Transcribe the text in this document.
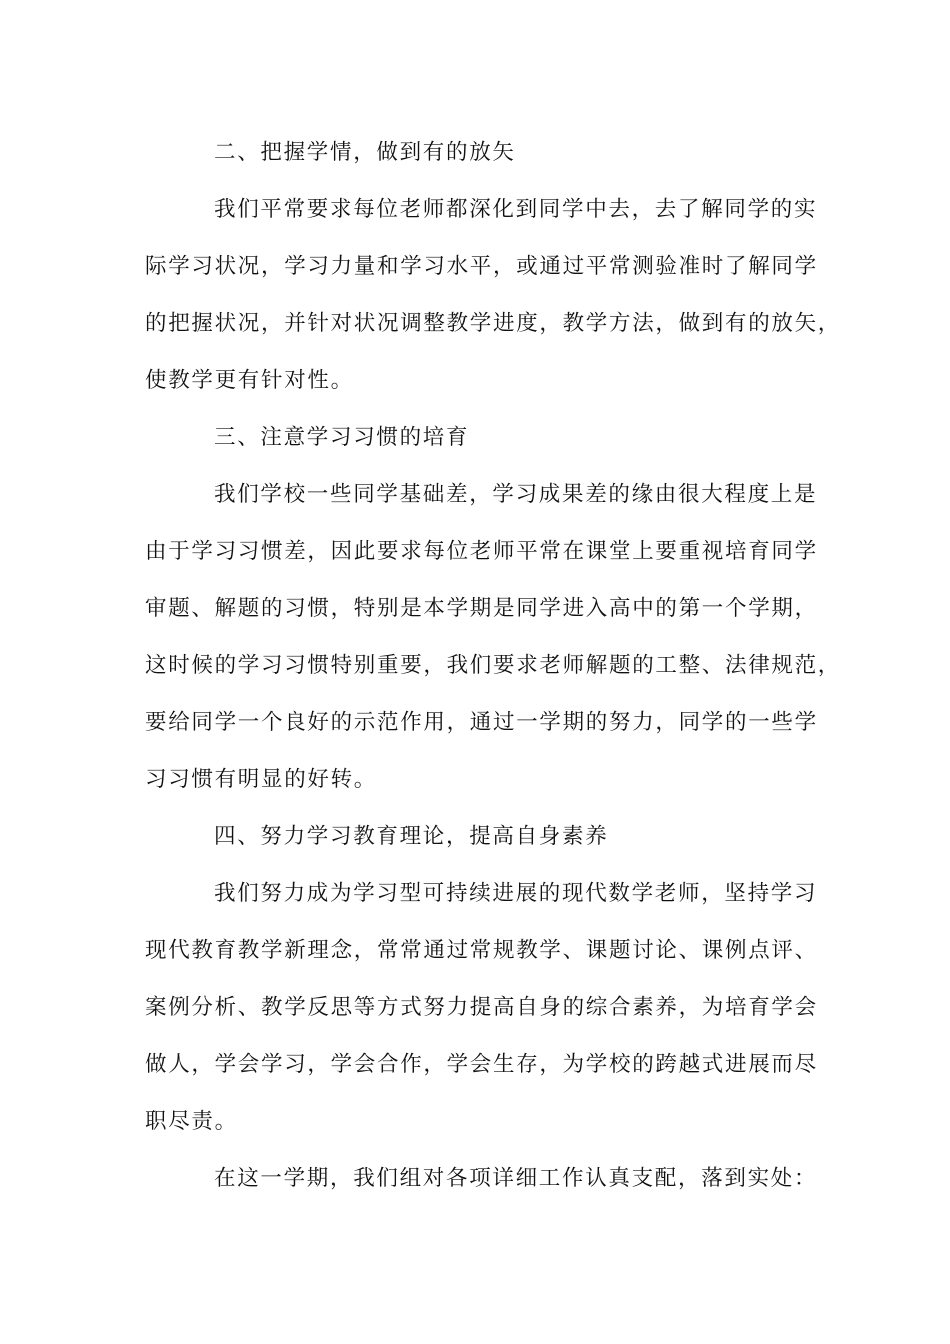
二、把握学情，做到有的放矢
我们平常要求每位老师都深化到同学中去，去了解同学的实
际学习状况，学习力量和学习水平，或通过平常测验准时了解同学
的把握状况，并针对状况调整教学进度，教学方法，做到有的放矢，
使教学更有针对性。
三、注意学习习惯的培育
我们学校一些同学基础差，学习成果差的缘由很大程度上是
由于学习习惯差，因此要求每位老师平常在课堂上要重视培育同学
审题、解题的习惯，特别是本学期是同学进入高中的第一个学期，
这时候的学习习惯特别重要，我们要求老师解题的工整、法律规范，
要给同学一个良好的示范作用，通过一学期的努力，同学的一些学
习习惯有明显的好转。
四、努力学习教育理论，提高自身素养
我们努力成为学习型可持续进展的现代数学老师，坚持学习
现代教育教学新理念，常常通过常规教学、课题讨论、课例点评、
案例分析、教学反思等方式努力提高自身的综合素养，为培育学会
做人，学会学习，学会合作，学会生存，为学校的跨越式进展而尽
职尽责。
在这一学期，我们组对各项详细工作认真支配，落到实处：
